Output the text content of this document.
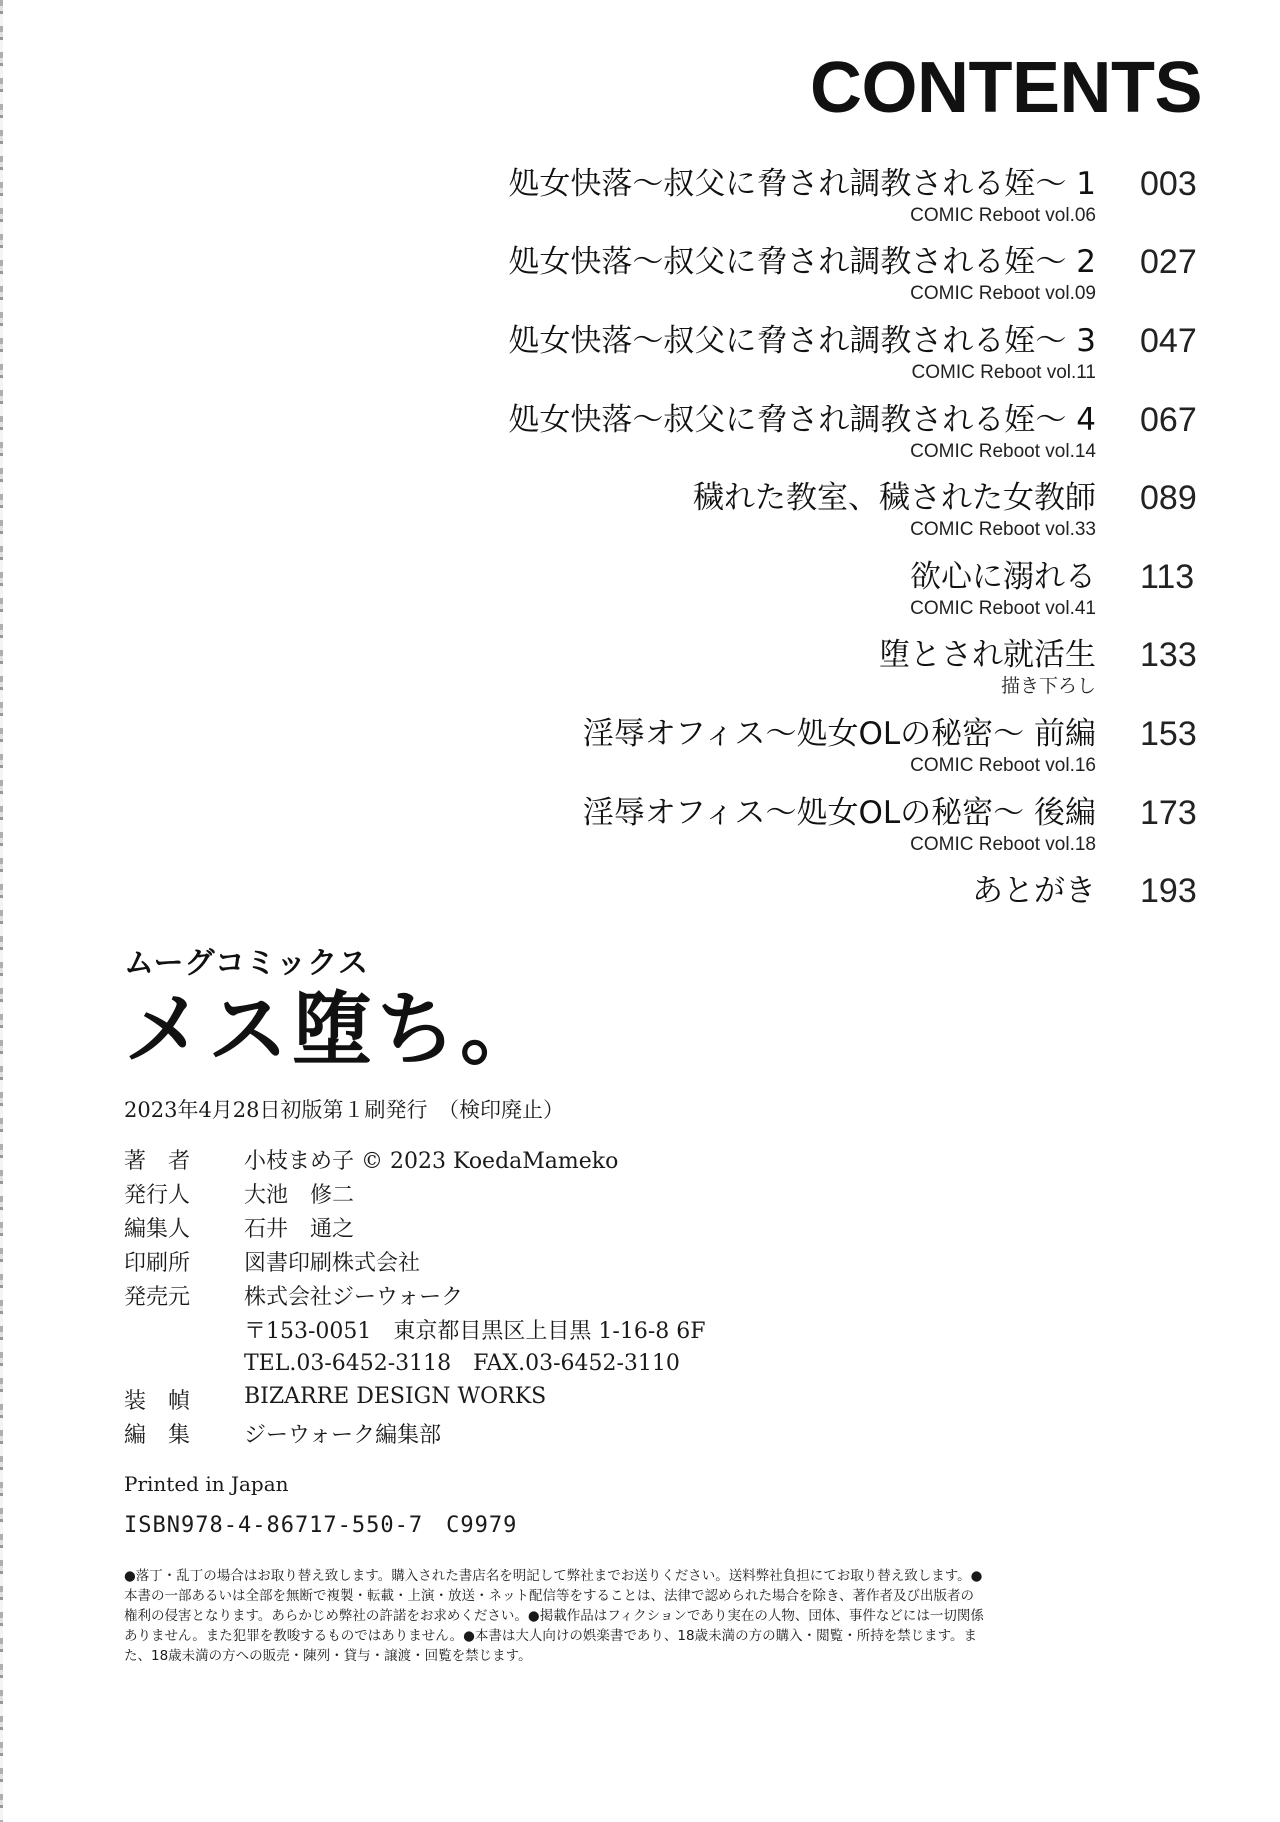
CONTENTS
処女快落〜叔父に脅され調教される姪〜 1
COMIC Reboot vol.06
003
処女快落〜叔父に脅され調教される姪〜 2
COMIC Reboot vol.09
027
処女快落〜叔父に脅され調教される姪〜 3
COMIC Reboot vol.11
047
処女快落〜叔父に脅され調教される姪〜 4
COMIC Reboot vol.14
067
穢れた教室、穢された女教師
COMIC Reboot vol.33
089
欲心に溺れる
COMIC Reboot vol.41
113
堕とされ就活生
描き下ろし
133
淫辱オフィス〜処女OLの秘密〜 前編
COMIC Reboot vol.16
153
淫辱オフィス〜処女OLの秘密〜 後編
COMIC Reboot vol.18
173
あとがき 193
ムーグコミックス
メス堕ち。
2023年4月28日初版第１刷発行　（検印廃止）
著　者 小枝まめ子 © 2023 KoedaMameko
発行人 大池　修二
編集人 石井　通之
印刷所 図書印刷株式会社
発売元 株式会社ジーウォーク
〒153-0051　東京都目黒区上目黒 1-16-8 6F
TEL.03-6452-3118　FAX.03-6452-3110
装　幀 BIZARRE DESIGN WORKS
編　集 ジーウォーク編集部
Printed in Japan
ISBN978-4-86717-550-7　C9979
●落丁・乱丁の場合はお取り替え致します。購入された書店名を明記して弊社までお送りください。送料弊社負担にてお取り替え致します。●本書の一部あるいは全部を無断で複製・転載・上演・放送・ネット配信等をすることは、法律で認められた場合を除き、著作者及び出版者の権利の侵害となります。あらかじめ弊社の許諾をお求めください。●掲載作品はフィクションであり実在の人物、団体、事件などには一切関係ありません。また犯罪を教唆するものではありません。●本書は大人向けの娯楽書であり、18歳未満の方の購入・閲覧・所持を禁じます。また、18歳未満の方への販売・陳列・貸与・譲渡・回覧を禁じます。
